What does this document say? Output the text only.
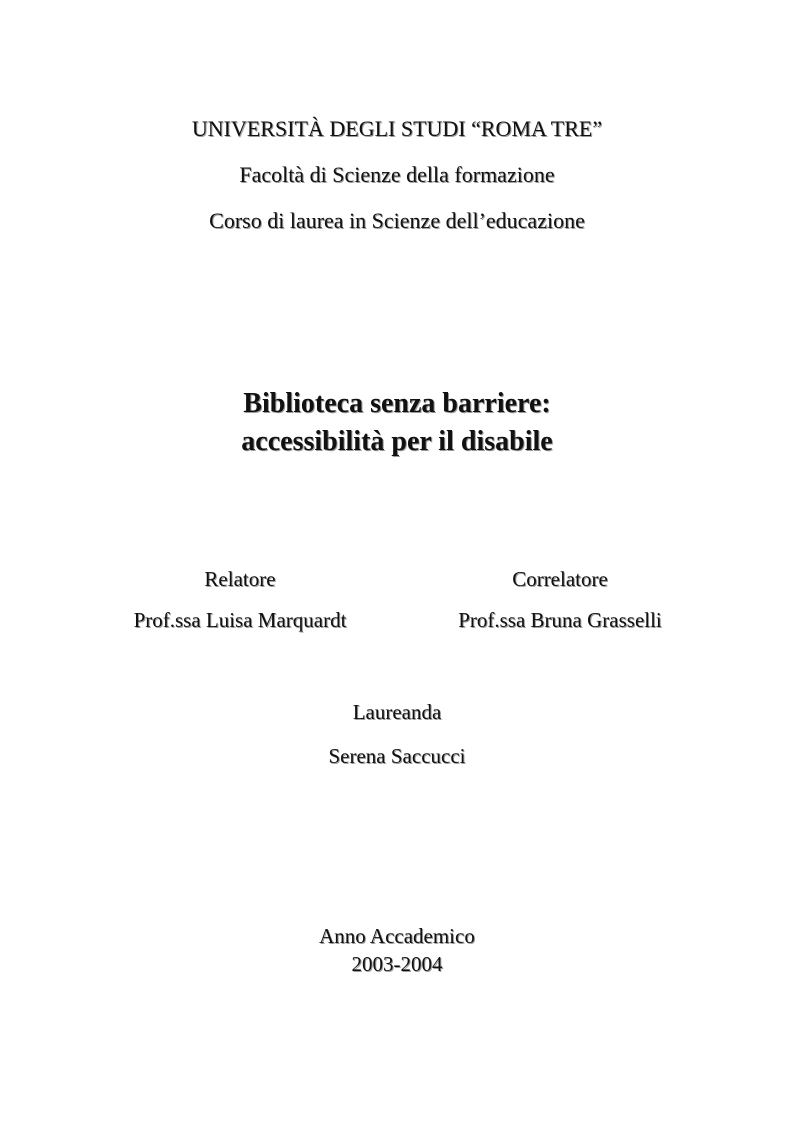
UNIVERSITÀ DEGLI STUDI “ROMA TRE”
Facoltà di Scienze della formazione
Corso di laurea in Scienze dell’educazione
Biblioteca senza barriere:
accessibilità per il disabile
Relatore
Prof.ssa Luisa Marquardt
Correlatore
Prof.ssa Bruna Grasselli
Laureanda
Serena Saccucci
Anno Accademico
2003-2004
